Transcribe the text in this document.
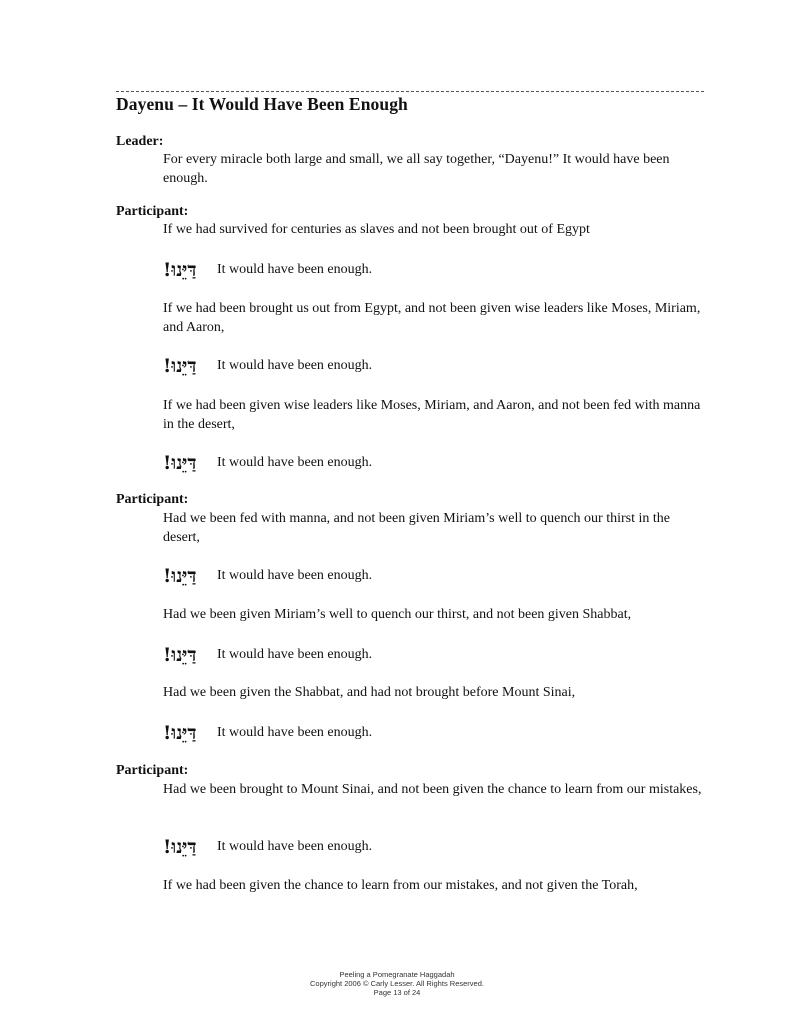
Dayenu – It Would Have Been Enough
Leader:
For every miracle both large and small, we all say together, “Dayenu!” It would have been enough.
Participant:
If we had survived for centuries as slaves and not been brought out of Egypt
דַּיֵּנוּ!	It would have been enough.
If we had been brought us out from Egypt, and not been given wise leaders like Moses, Miriam, and Aaron,
דַּיֵּנוּ!	It would have been enough.
If we had been given wise leaders like Moses, Miriam, and Aaron, and not been fed with manna in the desert,
דַּיֵּנוּ!	It would have been enough.
Participant:
Had we been fed with manna, and not been given Miriam’s well to quench our thirst in the desert,
דַּיֵּנוּ!	It would have been enough.
Had we been given Miriam’s well to quench our thirst, and not been given Shabbat,
דַּיֵּנוּ!	It would have been enough.
Had we been given the Shabbat, and had not brought before Mount Sinai,
דַּיֵּנוּ!	It would have been enough.
Participant:
Had we been brought to Mount Sinai, and not been given the chance to learn from our mistakes,
דַּיֵּנוּ!	It would have been enough.
If we had been given the chance to learn from our mistakes, and not given the Torah,
Peeling a Pomegranate Haggadah
Copyright 2006 © Carly Lesser. All Rights Reserved.
Page 13 of 24
